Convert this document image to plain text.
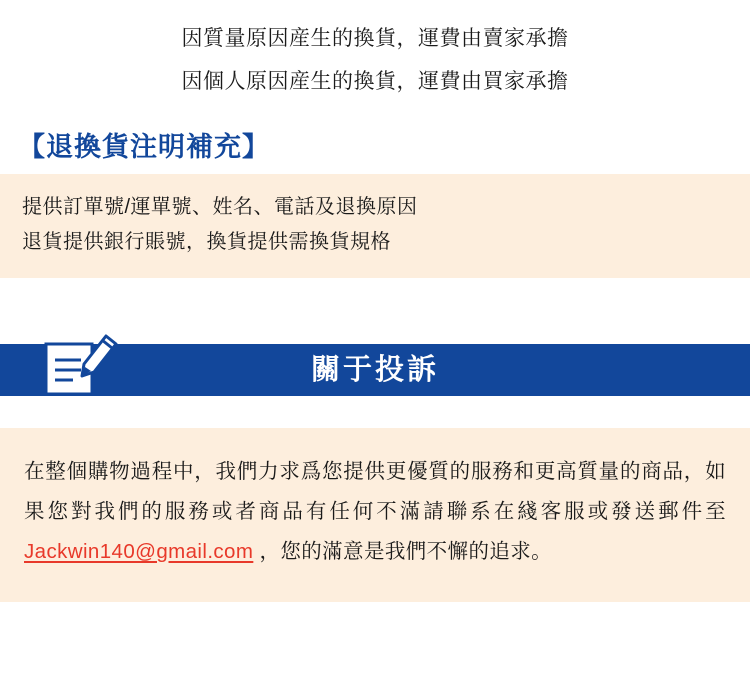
因質量原因産生的換貨，運費由賣家承擔
因個人原因産生的換貨，運費由買家承擔
【退換貨注明補充】
提供訂單號/運單號、姓名、電話及退換原因
退貨提供銀行賬號，換貨提供需換貨規格
關于投訴

在整個購物過程中，我們力求爲您提供更優質的服務和更高質量的商品，如果您對我們的服務或者商品有任何不滿請聯系在綫客服或發送郵件至 Jackwin140@gmail.com ，您的滿意是我們不懈的追求。
